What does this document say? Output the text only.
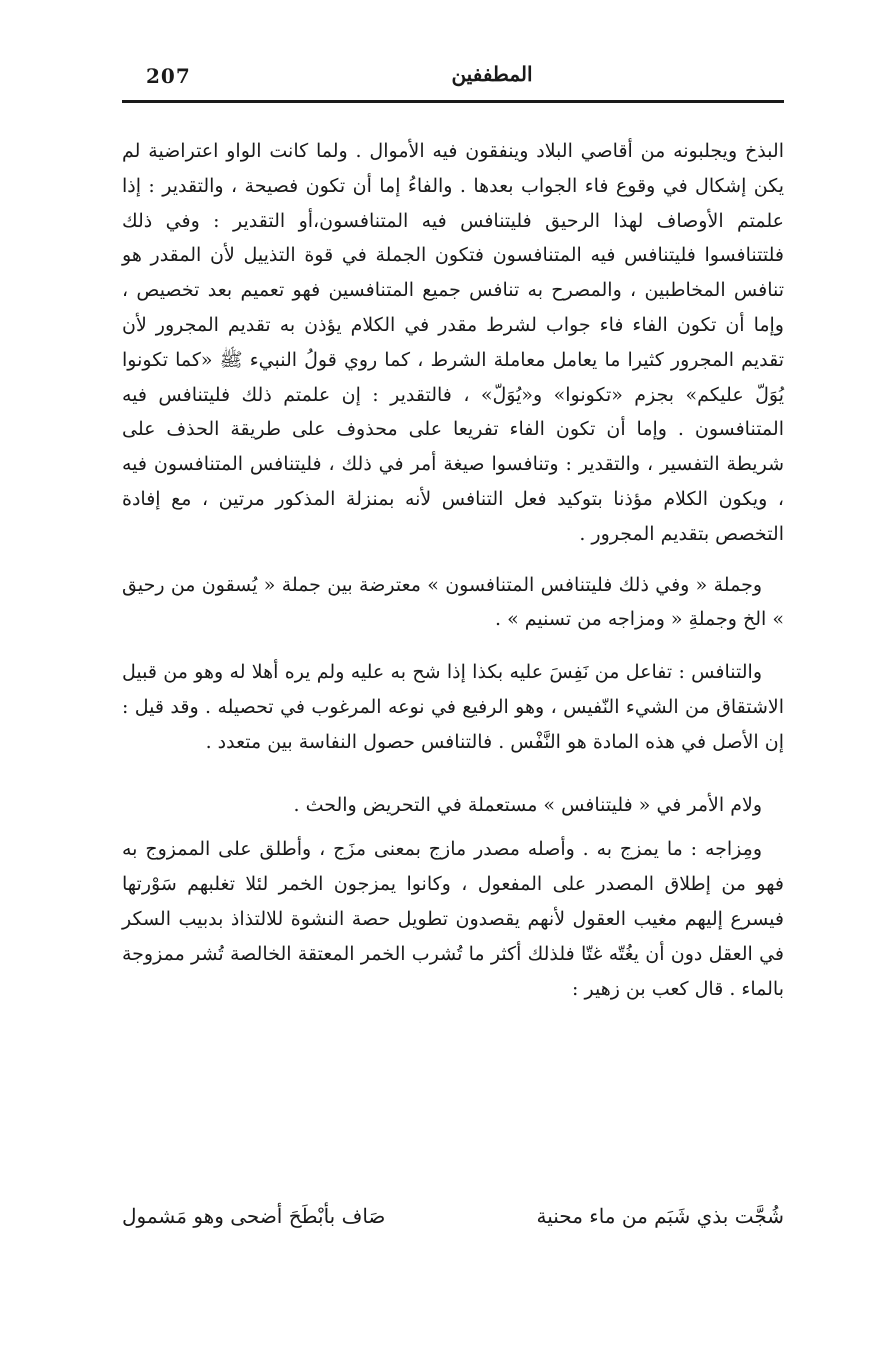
207	المطففين

البذخ ويجلبونه من أقاصي البلاد وينفقون فيه الأموال . ولما كانت الواو اعتراضية لم يكن إشكال في وقوع فاء الجواب بعدها . والفاءُ إما أن تكون فصيحة ، والتقدير : إذا علمتم الأوصاف لهذا الرحيق فليتنافس فيه المتنافسون،أو التقدير : وفي ذلك فلتتنافسوا فليتنافس فيه المتنافسون فتكون الجملة في قوة التذييل لأن المقدر هو تنافس المخاطبين ، والمصرح به تنافس جميع المتنافسين فهو تعميم بعد تخصيص ، وإما أن تكون الفاء فاء جواب لشرط مقدر في الكلام يؤذن به تقديم المجرور لأن تقديم المجرور كثيرا ما يعامل معاملة الشرط ، كما روي قولُ النبيء ﷺ «كما تكونوا يُوَلّ عليكم» بجزم «تكونوا» و«يُوَلّ» ، فالتقدير : إن علمتم ذلك فليتنافس فيه المتنافسون . وإما أن تكون الفاء تفريعا على محذوف على طريقة الحذف على شريطة التفسير ، والتقدير : وتنافسوا صيغة أمر في ذلك ، فليتنافس المتنافسون فيه ، ويكون الكلام مؤذنا بتوكيد فعل التنافس لأنه بمنزلة المذكور مرتين ، مع إفادة التخصص بتقديم المجرور .

وجملة « وفي ذلك فليتنافس المتنافسون » معترضة بين جملة « يُسقون من رحيق » الخ وجملةِ « ومزاجه من تسنيم » .

والتنافس : تفاعل من نَفِسَ عليه بكذا إذا شح به عليه ولم يره أهلا له وهو من قبيل الاشتقاق من الشيء النّفيس ، وهو الرفيع في نوعه المرغوب في تحصيله . وقد قيل : إن الأصل في هذه المادة هو النَّفْس . فالتنافس حصول النفاسة بين متعدد .

ولام الأمر في « فليتنافس » مستعملة في التحريض والحث .

ومِزاجه : ما يمزج به . وأصله مصدر مازج بمعنى مزَج ، وأطلق على الممزوج به فهو من إطلاق المصدر على المفعول ، وكانوا يمزجون الخمر لئلا تغلبهم سَوْرتها فيسرع إليهم مغيب العقول لأنهم يقصدون تطويل حصة النشوة للالتذاذ بدبيب السكر في العقل دون أن يغُتّه غتّا فلذلك أكثر ما تُشرب الخمر المعتقة الخالصة تُشر ممزوجة بالماء . قال كعب بن زهير :

شُجَّت بذي شَبَم من ماء محنية
صَاف بأبْطَحَ أضحى وهو مَشمول
